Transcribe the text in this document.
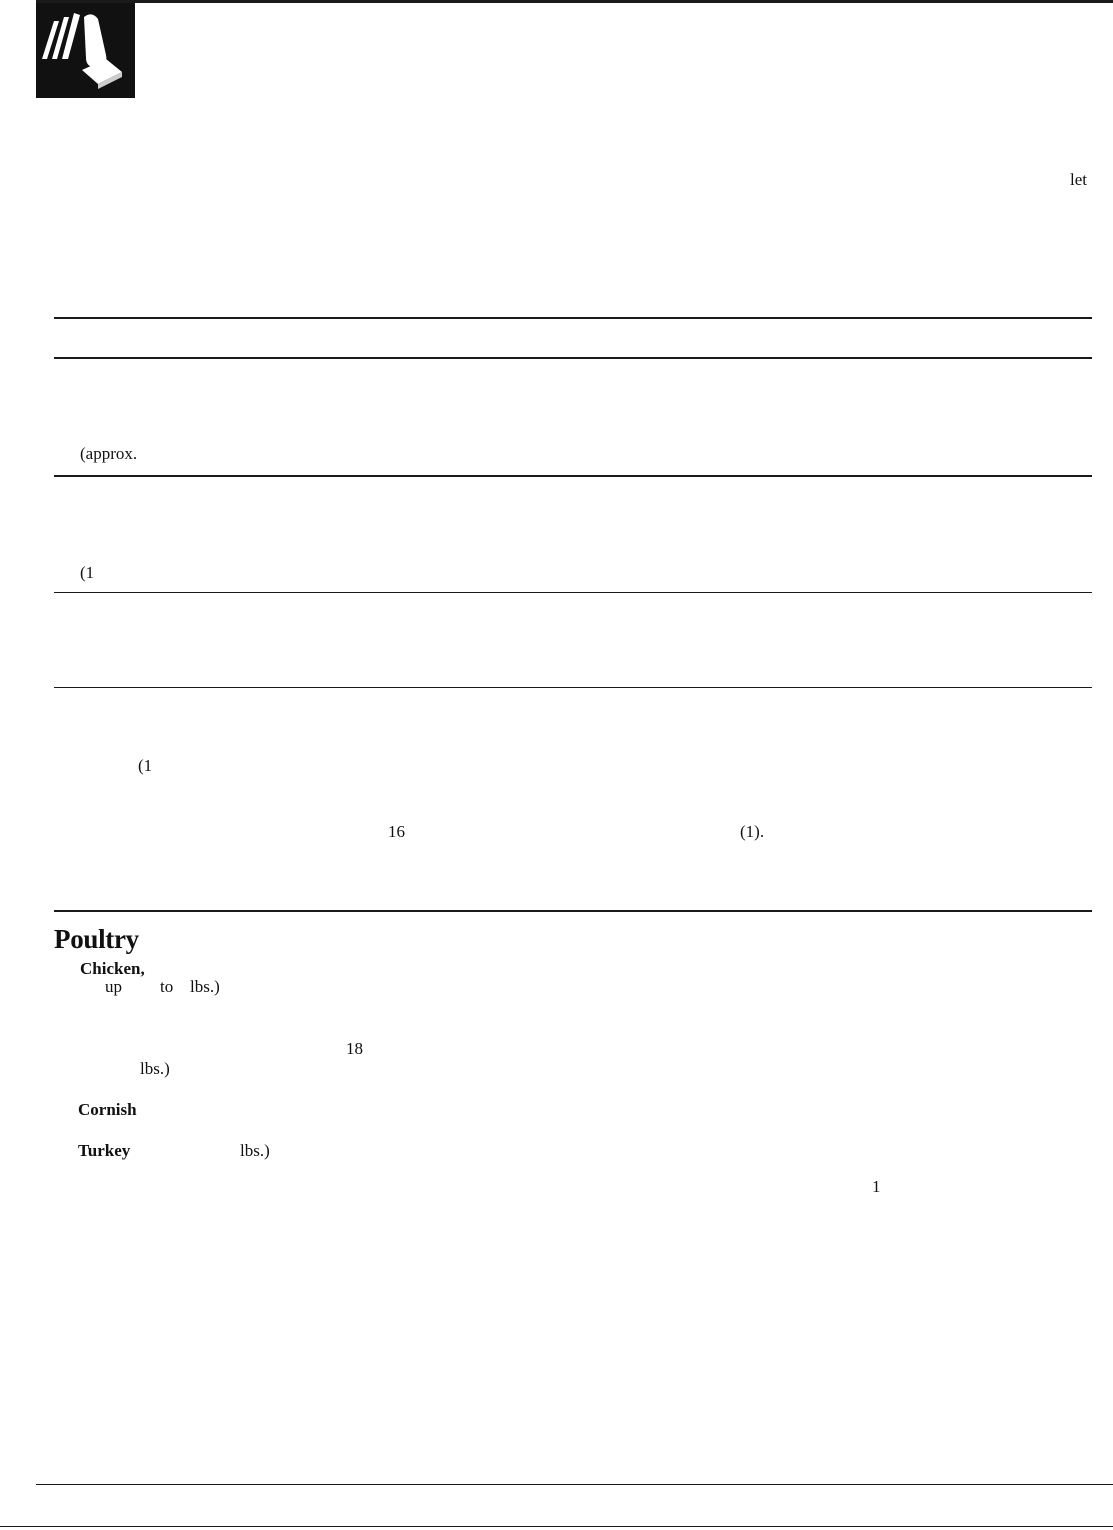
let
(approx.
(1
(1
16	(1).
Poultry
Chicken,
up to lbs.)
18
lbs.)
Cornish
Turkey	lbs.)
1
